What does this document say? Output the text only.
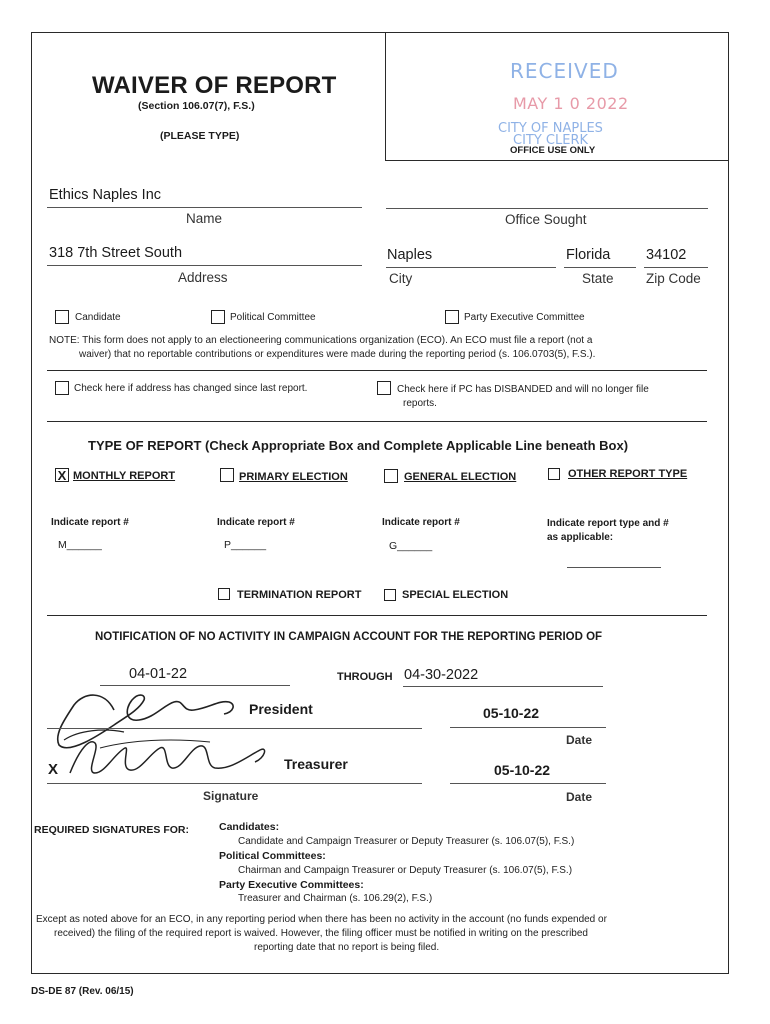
WAIVER OF REPORT
(Section 106.07(7), F.S.)
(PLEASE TYPE)
RECEIVED
MAY 1 0 2022
CITY OF NAPLES
CITY CLERK
OFFICE USE ONLY
Ethics Naples Inc
Name	Office Sought
318 7th Street South
Address
Naples
City
Florida
State
34102
Zip Code
Candidate	Political Committee	Party Executive Committee
NOTE: This form does not apply to an electioneering communications organization (ECO). An ECO must file a report (not a
waiver) that no reportable contributions or expenditures were made during the reporting period (s. 106.0703(5), F.S.).
Check here if address has changed since last report.	Check here if PC has DISBANDED and will no longer file
reports.
TYPE OF REPORT (Check Appropriate Box and Complete Applicable Line beneath Box)
X MONTHLY REPORT	PRIMARY ELECTION	GENERAL ELECTION	OTHER REPORT TYPE
Indicate report #
M______
Indicate report #
P______
Indicate report #
G______
Indicate report type and #
as applicable:
TERMINATION REPORT	SPECIAL ELECTION
NOTIFICATION OF NO ACTIVITY IN CAMPAIGN ACCOUNT FOR THE REPORTING PERIOD OF
04-01-22	THROUGH 04-30-2022
President	05-10-22
Date
X	Treasurer	05-10-22
Signature	Date
REQUIRED SIGNATURES FOR:	Candidates:
Candidate and Campaign Treasurer or Deputy Treasurer (s. 106.07(5), F.S.)
Political Committees:
Chairman and Campaign Treasurer or Deputy Treasurer (s. 106.07(5), F.S.)
Party Executive Committees:
Treasurer and Chairman (s. 106.29(2), F.S.)
Except as noted above for an ECO, in any reporting period when there has been no activity in the account (no funds expended or
received) the filing of the required report is waived. However, the filing officer must be notified in writing on the prescribed
reporting date that no report is being filed.
DS-DE 87 (Rev. 06/15)
